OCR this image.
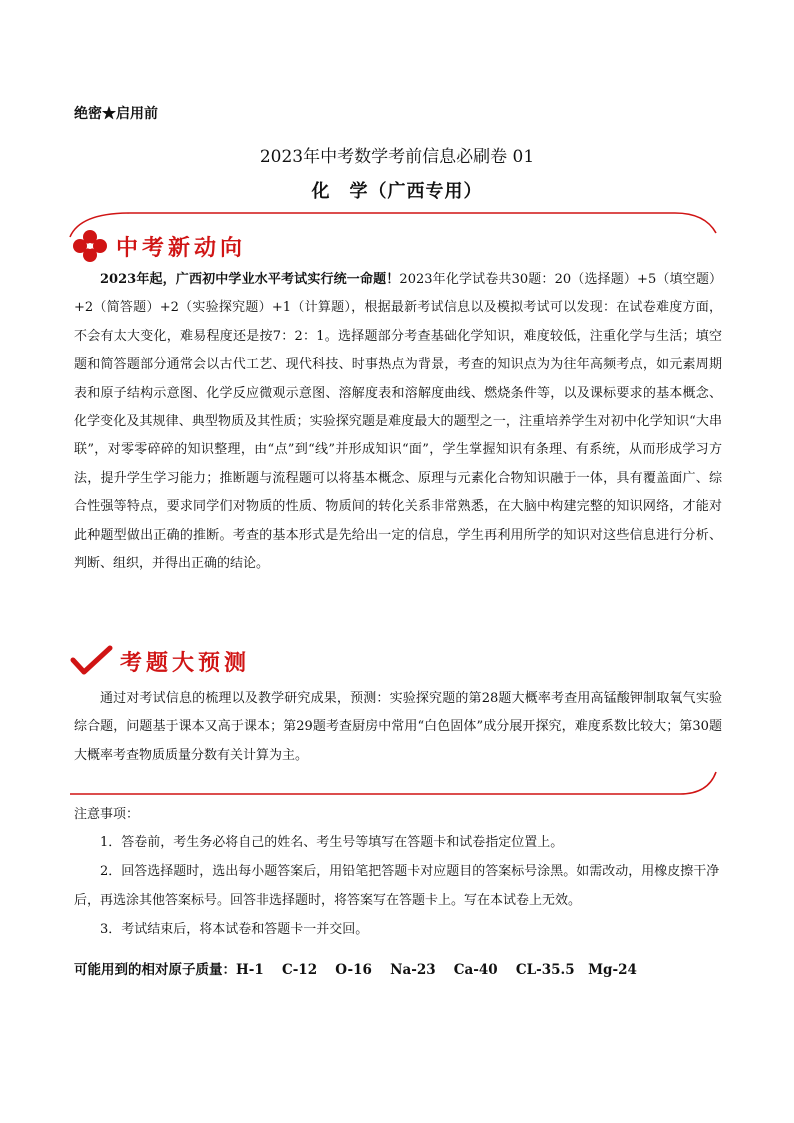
绝密★启用前
2023年中考数学考前信息必刷卷 01
化　学（广西专用）
中考新动向

2023年起，广西初中学业水平考试实行统一命题！2023年化学试卷共30题：20（选择题）+5（填空题）+2（简答题）+2（实验探究题）+1（计算题），根据最新考试信息以及模拟考试可以发现：在试卷难度方面，不会有太大变化，难易程度还是按7：2：1。选择题部分考查基础化学知识，难度较低，注重化学与生活；填空题和简答题部分通常会以古代工艺、现代科技、时事热点为背景，考查的知识点为为往年高频考点，如元素周期表和原子结构示意图、化学反应微观示意图、溶解度表和溶解度曲线、燃烧条件等，以及课标要求的基本概念、化学变化及其规律、典型物质及其性质；实验探究题是难度最大的题型之一，注重培养学生对初中化学知识“大串联”，对零零碎碎的知识整理，由“点”到“线”并形成知识“面”，学生掌握知识有条理、有系统，从而形成学习方法，提升学生学习能力；推断题与流程题可以将基本概念、原理与元素化合物知识融于一体，具有覆盖面广、综合性强等特点，要求同学们对物质的性质、物质间的转化关系非常熟悉，在大脑中构建完整的知识网络，才能对此种题型做出正确的推断。考查的基本形式是先给出一定的信息，学生再利用所学的知识对这些信息进行分析、判断、组织，并得出正确的结论。

考题大预测

通过对考试信息的梳理以及教学研究成果，预测：实验探究题的第28题大概率考查用高锰酸钾制取氧气实验综合题，问题基于课本又高于课本；第29题考查厨房中常用“白色固体”成分展开探究，难度系数比较大；第30题大概率考查物质质量分数有关计算为主。

注意事项：

1．答卷前，考生务必将自己的姓名、考生号等填写在答题卡和试卷指定位置上。

2．回答选择题时，选出每小题答案后，用铅笔把答题卡对应题目的答案标号涂黑。如需改动，用橡皮擦干净后，再选涂其他答案标号。回答非选择题时，将答案写在答题卡上。写在本试卷上无效。

3．考试结束后，将本试卷和答题卡一并交回。

可能用到的相对原子质量：H-1　 C-12　 O-16　 Na-23　 Ca-40　 CL-35.5　Mg-24
